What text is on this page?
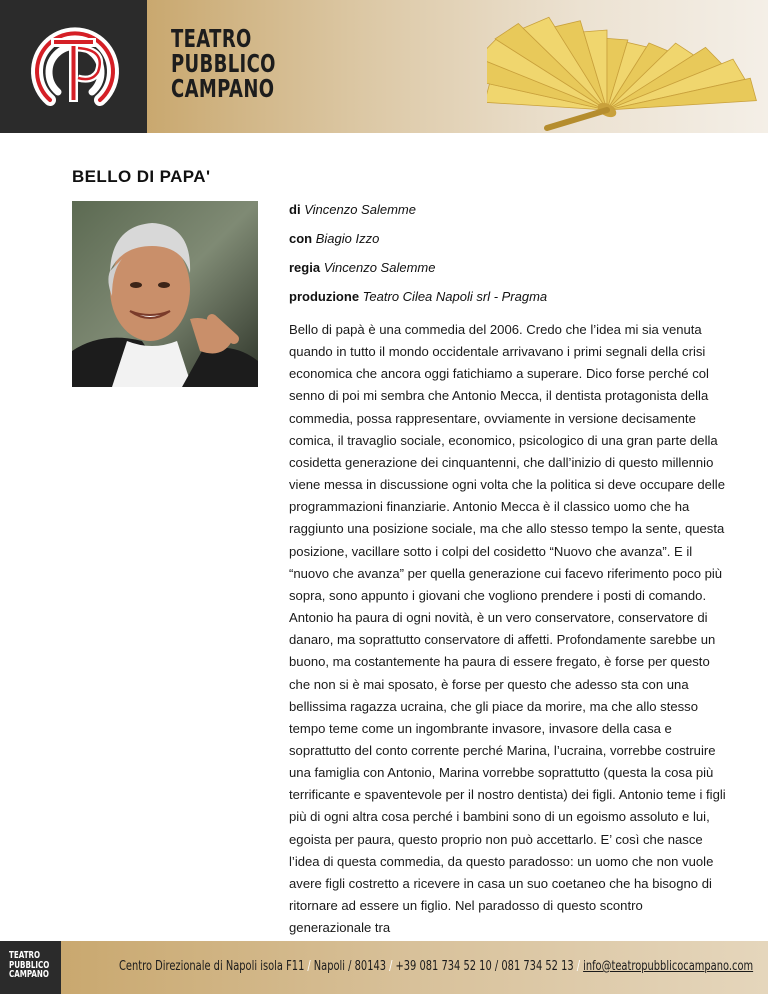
TEATRO
PUBBLICO
CAMPANO
BELLO DI PAPA'

di Vincenzo Salemme

con Biagio Izzo

regia Vincenzo Salemme

produzione Teatro Cilea Napoli srl - Pragma

Bello di papà è una commedia del 2006. Credo che l’idea mi sia venuta quando in tutto il mondo occidentale arrivavano i primi segnali della crisi economica che ancora oggi fatichiamo a superare. Dico forse perché col senno di poi mi sembra che Antonio Mecca, il dentista protagonista della commedia, possa rappresentare, ovviamente in versione decisamente comica, il travaglio sociale, economico, psicologico di una gran parte della cosidetta generazione dei cinquantenni, che dall’inizio di questo millennio viene messa in discussione ogni volta che la politica si deve occupare delle programmazioni finanziarie. Antonio Mecca è il classico uomo che ha raggiunto una posizione sociale, ma che allo stesso tempo la sente, questa posizione, vacillare sotto i colpi del cosidetto “Nuovo che avanza”. E il “nuovo che avanza” per quella generazione cui facevo riferimento poco più sopra, sono appunto i giovani che vogliono prendere i posti di comando. Antonio ha paura di ogni novità, è un vero conservatore, conservatore di danaro, ma soprattutto conservatore di affetti. Profondamente sarebbe un buono, ma costantemente ha paura di essere fregato, è forse per questo che non si è mai sposato, è forse per questo che adesso sta con una bellissima ragazza ucraina, che gli piace da morire, ma che allo stesso tempo teme come un ingombrante invasore, invasore della casa e soprattutto del conto corrente perché Marina, l’ucraina, vorrebbe costruire una famiglia con Antonio, Marina vorrebbe soprattutto (questa la cosa più terrificante e spaventevole per il nostro dentista) dei figli. Antonio teme i figli più di ogni altra cosa perché i bambini sono di un egoismo assoluto e lui, egoista per paura, questo proprio non può accettarlo. E’ così che nasce l’idea di questa commedia, da questo paradosso: un uomo che non vuole avere figli costretto a ricevere in casa un suo coetaneo che ha bisogno di ritornare ad essere un figlio. Nel paradosso di questo scontro generazionale tra

TEATRO
PUBBLICO
CAMPANO

Centro Direzionale di Napoli isola F11 / Napoli / 80143 / +39 081 734 52 10 / 081 734 52 13 / info@teatropubblicocampano.com
